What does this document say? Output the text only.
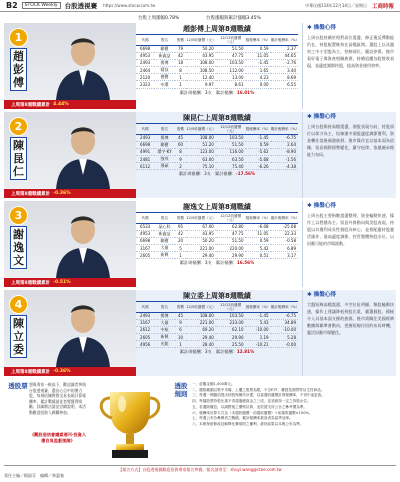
B2	STOCK Weekly	台股透視賽 https://www.stocw.com.tw	中華民國114年12月14日／星期日 工商時報
台股上周漲幅0.78%	台股漲幅與累計漲幅3.45%
1
趙
彭
傅
上周第8週戰績累計 4.44%
趙彭傅上周第8週戰績
代碼	股名	股數	12/5收盤價（元）	12/12收盤價（元）	週報酬率（%）	累計報酬率（%）
6698	聯寶	79	50.20	51.50	0.59	2.37
4953	新鑫益	42	43.95	47.75	11.05	44.65
2493	揚博	18	108.00	103.50	-1.45	-2.76
2464	精技	8	108.50	112.00	1.65	3.40
2120	德寶	1	12.40	13.00	4.23	8.69
2323	中環	1	9.97	8.61	0.00	6.55
累計周報酬：3支　累計報酬：16.01%
✱ 操盤心得
上周台股持續於相對高位震盪，修正後反彈動能仍在，持股配置維持在高檔區間。選股上以具題材之中小型股為主，控制部位，嚴設停損，後市看好電子與資產相關族群，持續追蹤各股營收表現，並適度調節持股，提高資金運用效率。
2
陳
昆
仁
上周第8週戰績累計 -0.36%
陳昆仁上周第8週戰績
代碼	股名	股數	12/5收盤價（元）	12/12收盤價（元）	週報酬率（%）	累計報酬率（%）
2493	揚博	45	108.00	103.50	-1.45	-6.75
6698	聯寶	60	51.20	51.50	0.59	2.64
4991	環宇-KY	8	123.00	116.00	-5.62	-8.90
2481	強茂	9	63.00	63.50	-5.68	-1.56
6112	聚碩	2	75.10	75.40	-6.26	-4.38
累計周報酬：3支　累計報酬：-17.56%
✱ 操盤心得
上周台股維持高檔震盪，個股表現分歧，持股部位以保守為主，短線漲多個股適度調節獲利，資金轉往落後補漲族群。後市操作宜以基本面為依據，留意國際情勢變化，嚴守紀律，依風險承擔能力布局。
3
謝
逸
文
上周第8週戰績累計 -0.51%
謝逸文上周第8週戰績
代碼	股名	股數	12/5收盤價（元）	12/12收盤價（元）	週報酬率（%）	累計報酬率（%）
6533	晶心科	95	67.00	62.80	-6.08	-25.08
4953	新鑫益	42	43.95	47.75	11.05	22.33
6698	聯寶	20	50.20	51.50	0.59	-0.58
3167	大量	5	221.00	220.00	5.42	6.89
2605	新興	1	29.40	29.90	0.51	3.17
累計周報酬：3支　累計報酬：16.56%
✱ 操盤心得
上周台股主要指數震盪整理，資金輪動快速，操作上以穩健為主。留意外資動向與美股表現，持股以具獲利成長性個股為核心，並搭配題材股靈活操作，逢高適度調節，控管整體持股水位，以因應可能的市場波動。
4
陳
立
委
上周第8週戰績累計 -0.36%
陳立委上周第8週戰績
代碼	股名	股數	12/5收盤價（元）	12/12收盤價（元）	週報酬率（%）	累計報酬率（%）
2493	揚博	45	108.00	103.50	-1.45	-6.75
3167	大量	9	221.00	233.00	5.43	34.89
2612	中航	6	69.20	62.10	-10.00	-10.00
2605	新興	10	29.40	29.90	1.19	5.28
4956	光鋐	1	28.40	25.50	-10.21	-0.00
累計周報酬：3支　累計報酬：12.81%
✱ 操盤心得
大盤短線高檔震盪，多空拉扯明顯，類股輪動快速，操作上建議降低持股比重，嚴選個股，積極介入具基本面支撐的族群。後市需關注美國經濟數據與聯準會動向，把握短線拉回的布局時機，靈活因應市場變化。
透股票 想與專家一較高下，歡迎讀者參與台股透視賽，選出心目中的潛力股，每週依據實際交易表現計算報酬率，累計戰績最佳者將獲得獎勵。詳細辦法請見官網說明，本活動歡迎投資人踴躍參加。
《觀股造信會議當週刊·投資人應自負盈虧風險》
透股規則
一、虛擬金額1,000萬元。
二、選股範圍以集中市場、上櫃之股票為限，不含ETF、權證及期貨等衍生性商品。
三、每週一開盤前提出持股與操作計畫，以當週收盤價計算報酬率，不得中途更改。
四、每檔股票持股比重不得超過總資金之三成，並須維持一定之持股水位。
五、若遇除權息，以調整後之價格計算，並依證交所公告之參考價為準。
六、報酬率計算方式為（本週收盤價－前週收盤價）÷前週收盤價×100%。
七、每週公布各參賽者之戰績，累計報酬率最高者為當季冠軍。
八、本報保留修改及解釋比賽規則之權利，最終結果以本報公布為準。
【報名方式】台股透視賽歡迎投資專家報名參賽，報名請寄至：shuyi.wang@ctee.com.tw
責任主編／楊淑芬　編輯／林惠蓁
